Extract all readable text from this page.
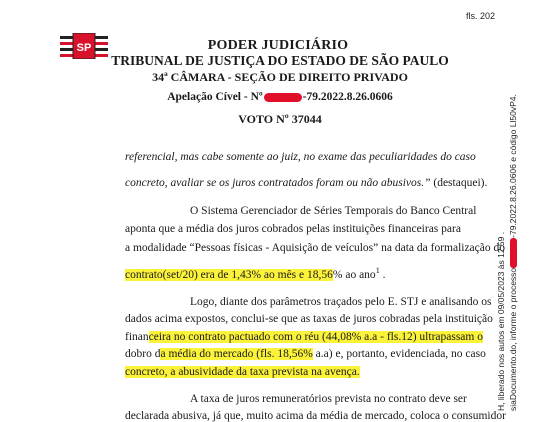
fls. 202
SP	PODER JUDICIÁRIO
TRIBUNAL DE JUSTIÇA DO ESTADO DE SÃO PAULO
34ª CÂMARA - SEÇÃO DE DIREITO PRIVADO
Apelação Cível - Nº	-79.2022.8.26.0606
VOTO Nº 37044
referencial, mas cabe somente ao juiz, no exame das peculiaridades do caso
concreto, avaliar se os juros contratados foram ou não abusivos.” (destaquei).
O Sistema Gerenciador de Séries Temporais do Banco Central
aponta que a média dos juros cobrados pelas instituições financeiras para
a modalidade “Pessoas físicas - Aquisição de veículos” na data da formalização do
contrato(set/20) era de 1,43% ao mês e 18,56% ao ano$^1$ .
Logo, diante dos parâmetros traçados pelo E. STJ e analisando os
dados acima expostos, conclui-se que as taxas de juros cobradas pela instituição
financeira no contrato pactuado com o réu (44,08% a.a - fls.12) ultrapassam o
dobro da média do mercado (fls. 18,56% a.a) e, portanto, evidenciada, no caso
concreto, a abusividade da taxa prevista na avença.
A taxa de juros remuneratórios prevista no contrato deve ser
declarada abusiva, já que, muito acima da média de mercado, coloca o consumidor
H, liberado nos autos em 09/05/2023 às 12:59 . siaDocumento.do, informe o processo-79.2022.8.26.0606 e código Ll50vP4.
